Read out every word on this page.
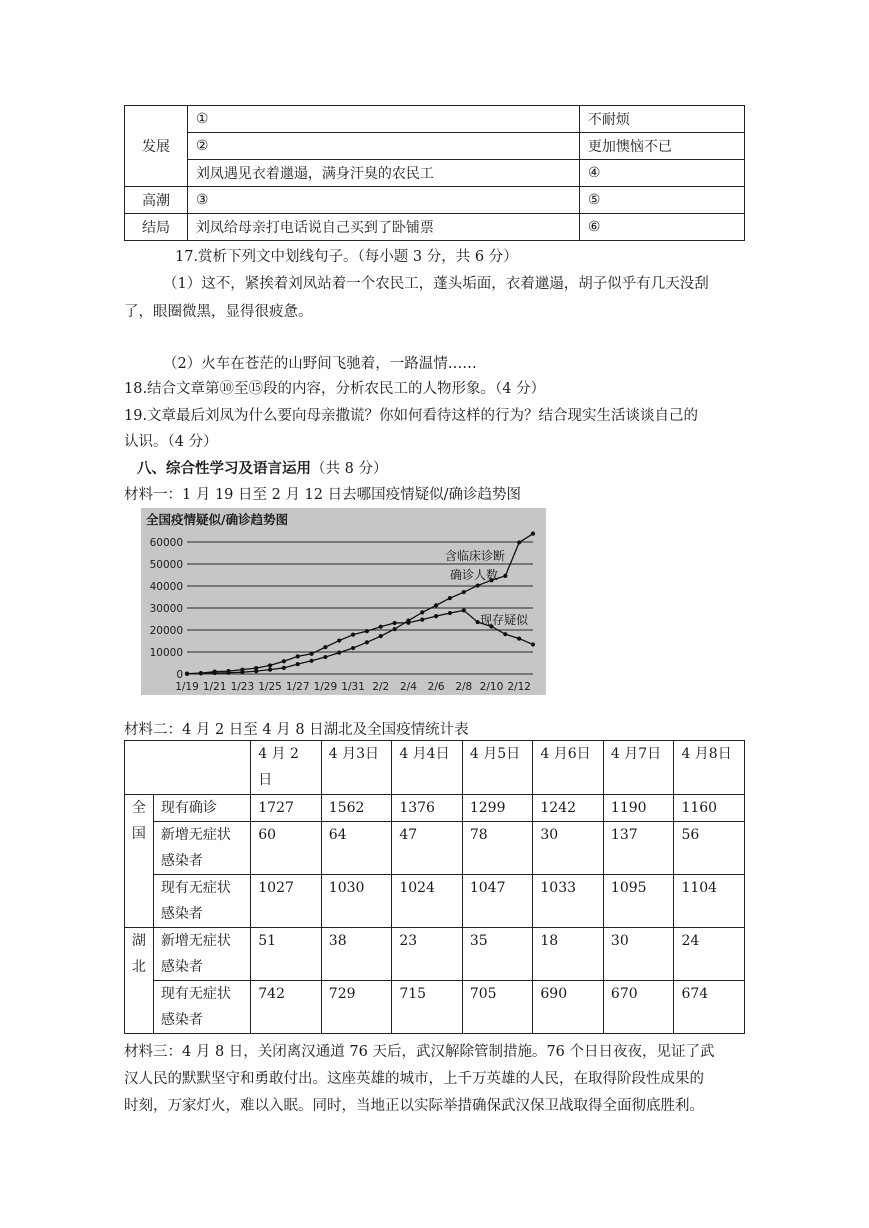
发展	①	不耐烦
	②	更加懊恼不已
	刘凤遇见衣着邋遢，满身汗臭的农民工	④
高潮	③	⑤
结局	刘凤给母亲打电话说自己买到了卧铺票	⑥
17.赏析下列文中划线句子。（每小题 3 分，共 6 分）
（1）这不，紧挨着刘凤站着一个农民工，蓬头垢面，衣着邋遢，胡子似乎有几天没刮
了，眼圈微黑，显得很疲惫。
（2）火车在苍茫的山野间飞驰着，一路温情……
18.结合文章第⑩至⑮段的内容，分析农民工的人物形象。（4 分）
19.文章最后刘凤为什么要向母亲撒谎？你如何看待这样的行为？结合现实生活谈谈自己的
认识。（4 分）
八、综合性学习及语言运用（共 8 分）
材料一：1 月 19 日至 2 月 12 日去哪国疫情疑似/确诊趋势图
全国疫情疑似/确诊趋势图
0
10000
20000
30000
40000
50000
60000
1/19 1/21 1/23 1/25 1/27 1/29 1/31 2/2 2/4 2/6 2/8 2/10 2/12
含临床诊断
确诊人数
现存疑似
材料二：4 月 2 日至 4 月 8 日湖北及全国疫情统计表
		4 月 2 日	4 月3日	4 月4日	4 月5日	4 月6日	4 月7日	4 月8日
全国	现有确诊	1727	1562	1376	1299	1242	1190	1160
	新增无症状感染者	60	64	47	78	30	137	56
	现有无症状感染者	1027	1030	1024	1047	1033	1095	1104
湖北	新增无症状感染者	51	38	23	35	18	30	24
	现有无症状感染者	742	729	715	705	690	670	674
材料三：4 月 8 日，关闭离汉通道 76 天后，武汉解除管制措施。76 个日日夜夜，见证了武
汉人民的默默坚守和勇敢付出。这座英雄的城市，上千万英雄的人民，在取得阶段性成果的
时刻，万家灯火，难以入眠。同时，当地正以实际举措确保武汉保卫战取得全面彻底胜利。
